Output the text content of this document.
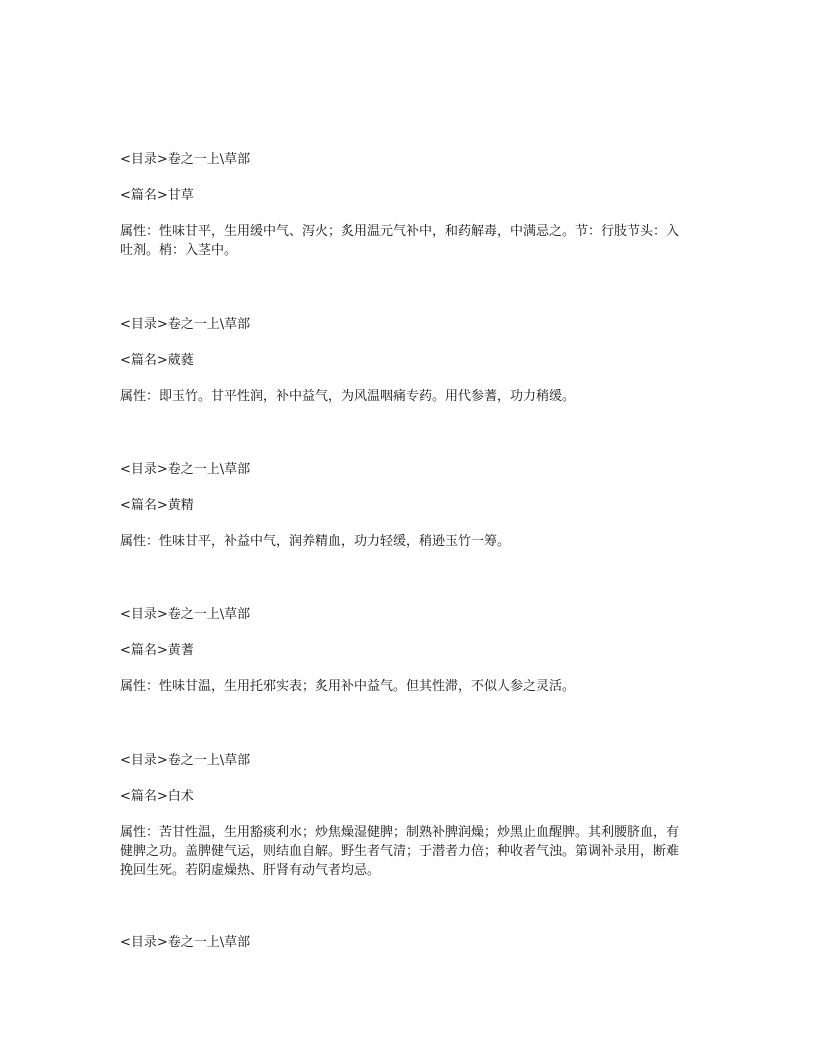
<目录>卷之一上\草部
<篇名>甘草
属性：性味甘平，生用缓中气、泻火；炙用温元气补中，和药解毒，中满忌之。节：行肢节头：入吐剂。梢：入茎中。
<目录>卷之一上\草部
<篇名>葳蕤
属性：即玉竹。甘平性润，补中益气，为风温咽痛专药。用代参蓍，功力稍缓。
<目录>卷之一上\草部
<篇名>黄精
属性：性味甘平，补益中气，润养精血，功力轻缓，稍逊玉竹一筹。
<目录>卷之一上\草部
<篇名>黄蓍
属性：性味甘温，生用托邪实表；炙用补中益气。但其性滞，不似人参之灵活。
<目录>卷之一上\草部
<篇名>白术
属性：苦甘性温，生用豁痰利水；炒焦燥湿健脾；制熟补脾润燥；炒黑止血醒脾。其利腰脐血，有健脾之功。盖脾健气运，则结血自解。野生者气清；于潜者力倍；种收者气浊。第调补录用，断难挽回生死。若阴虚燥热、肝肾有动气者均忌。
<目录>卷之一上\草部
